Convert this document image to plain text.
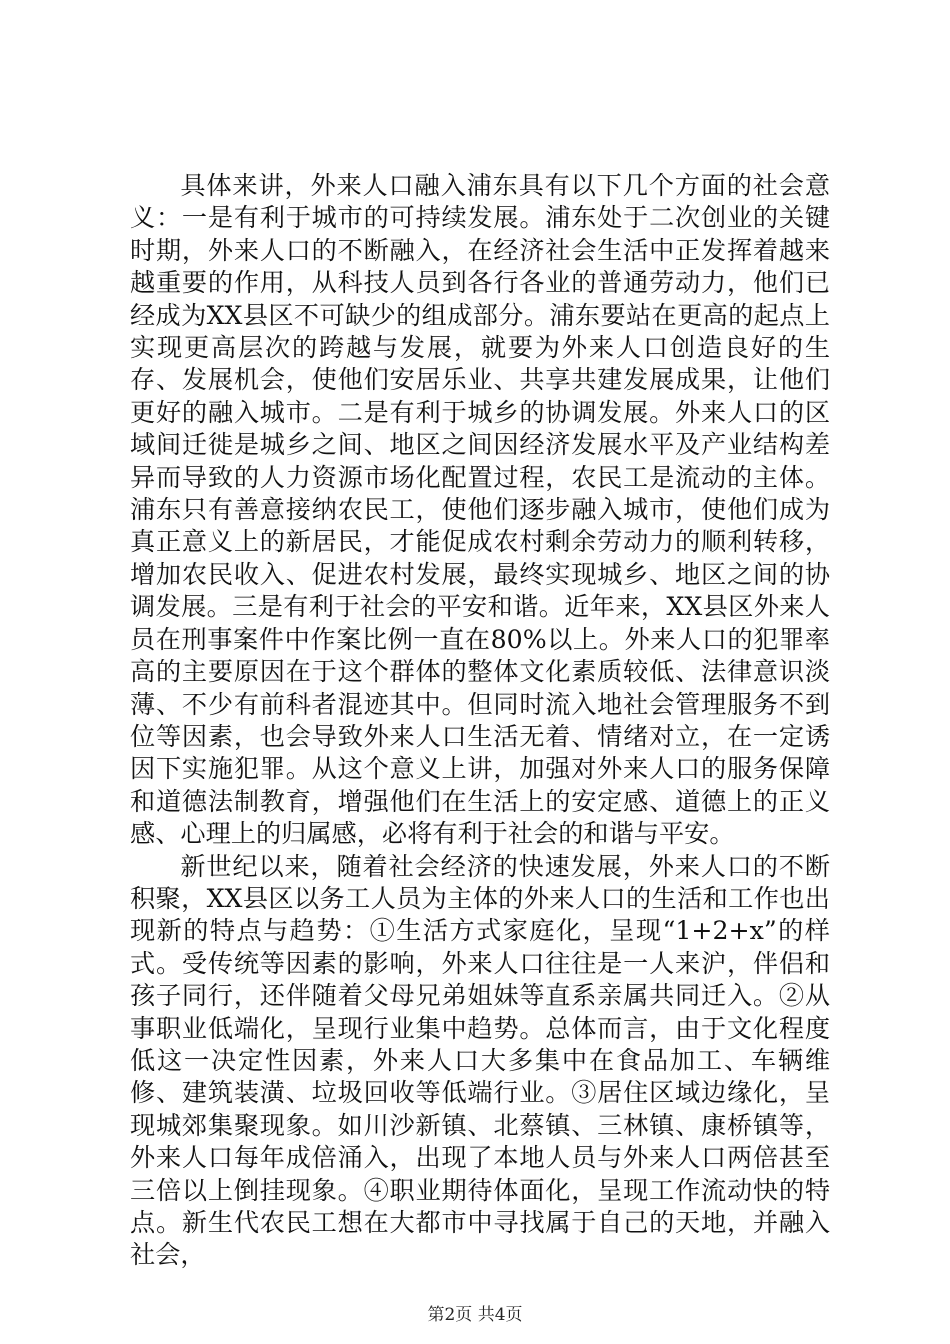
具体来讲，外来人口融入浦东具有以下几个方面的社会意义：一是有利于城市的可持续发展。浦东处于二次创业的关键时期，外来人口的不断融入，在经济社会生活中正发挥着越来越重要的作用，从科技人员到各行各业的普通劳动力，他们已经成为XX县区不可缺少的组成部分。浦东要站在更高的起点上实现更高层次的跨越与发展，就要为外来人口创造良好的生存、发展机会，使他们安居乐业、共享共建发展成果，让他们更好的融入城市。二是有利于城乡的协调发展。外来人口的区域间迁徙是城乡之间、地区之间因经济发展水平及产业结构差异而导致的人力资源市场化配置过程，农民工是流动的主体。浦东只有善意接纳农民工，使他们逐步融入城市，使他们成为真正意义上的新居民，才能促成农村剩余劳动力的顺利转移，增加农民收入、促进农村发展，最终实现城乡、地区之间的协调发展。三是有利于社会的平安和谐。近年来，XX县区外来人员在刑事案件中作案比例一直在80%以上。外来人口的犯罪率高的主要原因在于这个群体的整体文化素质较低、法律意识淡薄、不少有前科者混迹其中。但同时流入地社会管理服务不到位等因素，也会导致外来人口生活无着、情绪对立，在一定诱因下实施犯罪。从这个意义上讲，加强对外来人口的服务保障和道德法制教育，增强他们在生活上的安定感、道德上的正义感、心理上的归属感，必将有利于社会的和谐与平安。

新世纪以来，随着社会经济的快速发展，外来人口的不断积聚，XX县区以务工人员为主体的外来人口的生活和工作也出现新的特点与趋势：①生活方式家庭化，呈现“1+2+x”的样式。受传统等因素的影响，外来人口往往是一人来沪，伴侣和孩子同行，还伴随着父母兄弟姐妹等直系亲属共同迁入。②从事职业低端化，呈现行业集中趋势。总体而言，由于文化程度低这一决定性因素，外来人口大多集中在食品加工、车辆维修、建筑装潢、垃圾回收等低端行业。③居住区域边缘化，呈现城郊集聚现象。如川沙新镇、北蔡镇、三林镇、康桥镇等，外来人口每年成倍涌入，出现了本地人员与外来人口两倍甚至三倍以上倒挂现象。④职业期待体面化，呈现工作流动快的特点。新生代农民工想在大都市中寻找属于自己的天地，并融入社会，

第2页 共4页
